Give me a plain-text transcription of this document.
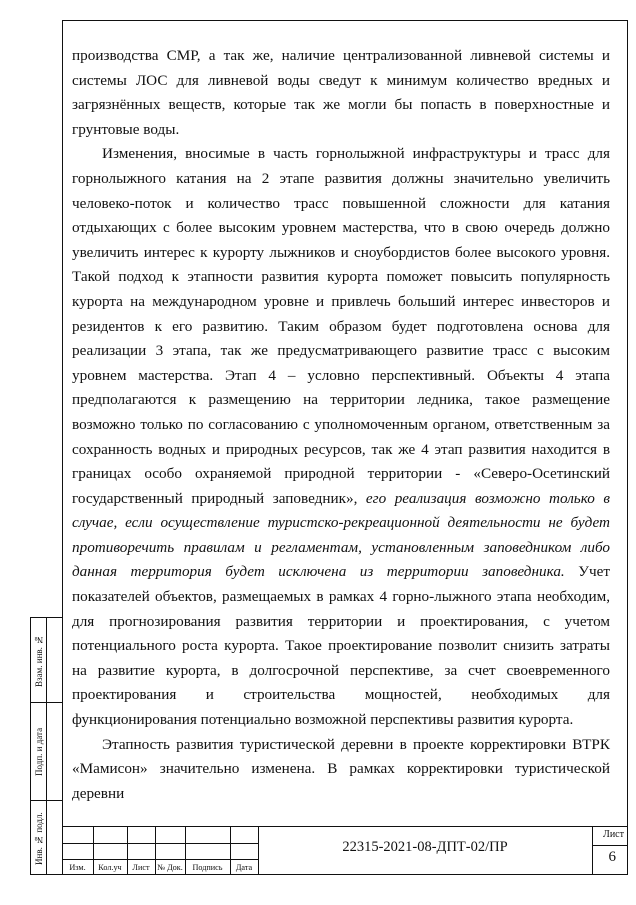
производства СМР, а так же, наличие централизованной ливневой системы и системы ЛОС для ливневой воды сведут к минимум количество вредных и загрязнённых веществ, которые так же могли бы попасть в поверхностные и грунтовые воды.

Изменения, вносимые в часть горнолыжной инфраструктуры и трасс для горнолыжного катания на 2 этапе развития должны значительно увеличить человеко-поток и количество трасс повышенной сложности для катания отдыхающих с более высоким уровнем мастерства, что в свою очередь должно увеличить интерес к курорту лыжников и сноубордистов более высокого уровня. Такой подход к этапности развития курорта поможет повысить популярность курорта на международном уровне и привлечь больший интерес инвесторов и резидентов к его развитию. Таким образом будет подготовлена основа для реализации 3 этапа, так же предусматривающего развитие трасс с высоким уровнем мастерства. Этап 4 – условно перспективный. Объекты 4 этапа предполагаются к размещению на территории ледника, такое размещение возможно только по согласованию с уполномоченным органом, ответственным за сохранность водных и природных ресурсов, так же 4 этап развития находится в границах особо охраняемой природной территории - «Северо-Осетинский государственный природный заповедник», его реализация возможно только в случае, если осуществление туристско-рекреационной деятельности не будет противоречить правилам и регламентам, установленным заповедником либо данная территория будет исключена из территории заповедника. Учет показателей объектов, размещаемых в рамках 4 горно-лыжного этапа необходим, для прогнозирования развития территории и проектирования, с учетом потенциального роста курорта. Такое проектирование позволит снизить затраты на развитие курорта, в долгосрочной перспективе, за счет своевременного проектирования и строительства мощностей, необходимых для функционирования потенциально возможной перспективы развития курорта.

Этапность развития туристической деревни в проекте корректировки ВТРК «Мамисон» значительно изменена. В рамках корректировки туристической деревни

Взам. инв. №
Подп. и дата
Инв. № подл.
Изм.	Кол.уч	Лист № Док.	Подпись	Дата
22315-2021-08-ДПТ-02/ПР
Лист
6
